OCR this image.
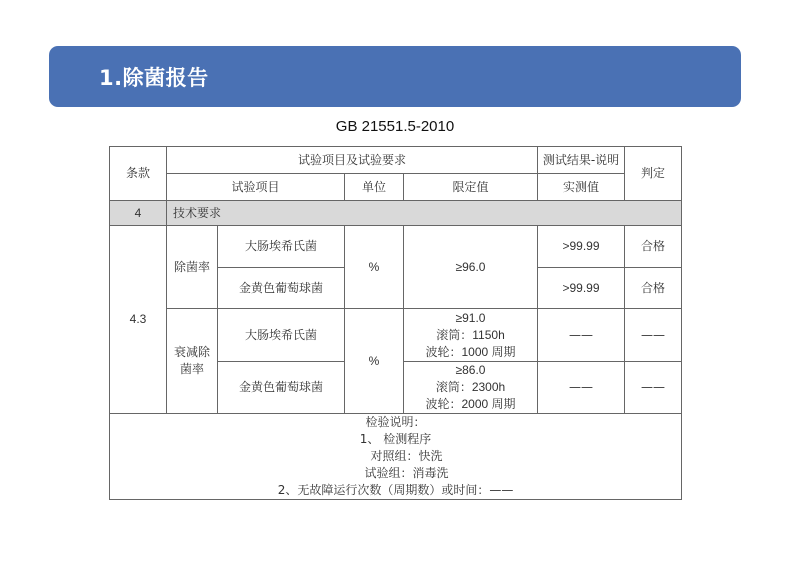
1.除菌报告
GB 21551.5-2010
条款	试验项目及试验要求				测试结果-说明	判定
	试验项目		单位	限定值	实测值	
4	技术要求					
4.3	除菌率	大肠埃希氏菌	%	≥96.0	>99.99	合格
		金黄色葡萄球菌			>99.99	合格
	衰减除菌率	大肠埃希氏菌	%	≥91.0
滚筒：1150h
波轮：1000 周期	——	——
		金黄色葡萄球菌		≥86.0
滚筒：2300h
波轮：2000 周期	——	——

检验说明：
1、 检测程序
对照组：快洗
试验组：消毒洗
2、无故障运行次数（周期数）或时间：——						
